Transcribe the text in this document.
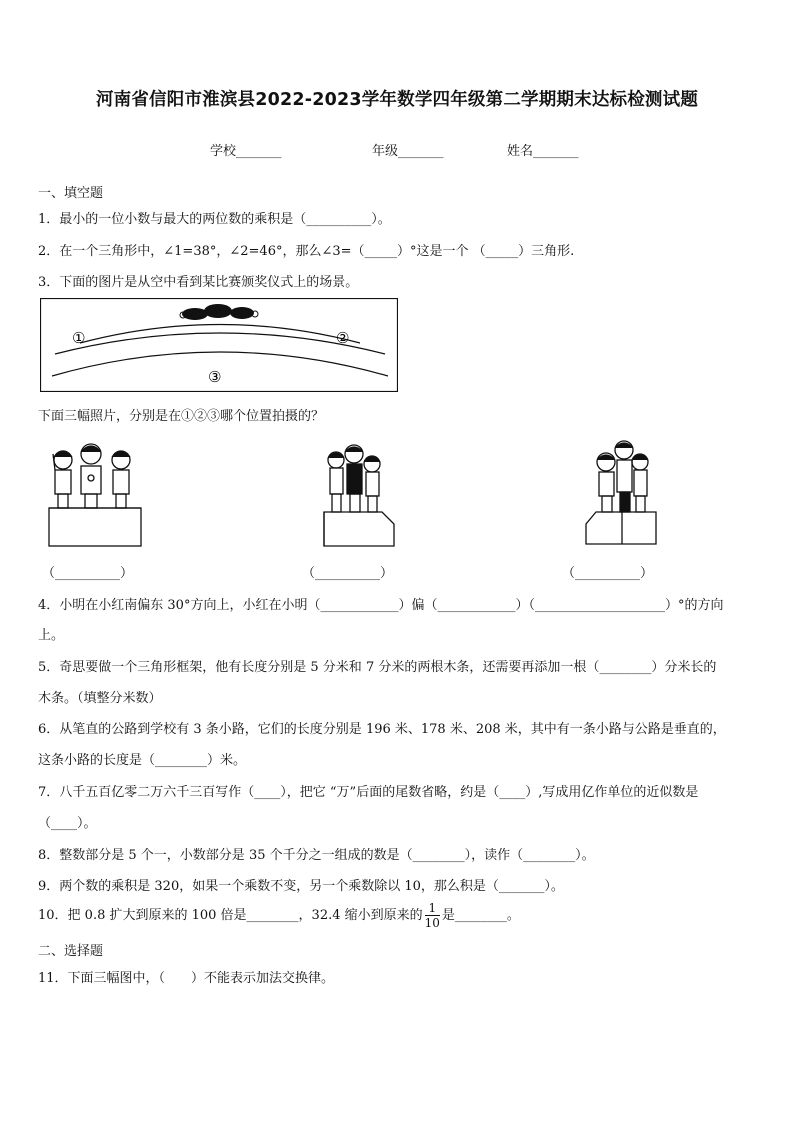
河南省信阳市淮滨县2022-2023学年数学四年级第二学期期末达标检测试题
学校_______	年级_______	姓名_______
一、填空题
1．最小的一位小数与最大的两位数的乘积是（__________）。
2．在一个三角形中，∠1=38°，∠2=46°，那么∠3=（_____）°这是一个 （_____）三角形.
3．下面的图片是从空中看到某比赛颁奖仪式上的场景。
①	②
③
下面三幅照片，分别是在①②③哪个位置拍摄的？
（__________）	（__________）	（__________）
4．小明在小红南偏东 30°方向上，小红在小明（____________）偏（____________）（____________________）°的方向
上。
5．奇思要做一个三角形框架，他有长度分别是 5 分米和 7 分米的两根木条，还需要再添加一根（________）分米长的
木条。（填整分米数）
6．从笔直的公路到学校有 3 条小路，它们的长度分别是 196 米、178 米、208 米，其中有一条小路与公路是垂直的，
这条小路的长度是（________）米。
7．八千五百亿零二万六千三百写作（____），把它 “万”后面的尾数省略，约是（____）,写成用亿作单位的近似数是
（____）。
8．整数部分是 5 个一，小数部分是 35 个千分之一组成的数是（________），读作（________）。
9．两个数的乘积是 320，如果一个乘数不变，另一个乘数除以 10，那么积是（_______）。
10．把 0.8 扩大到原来的 100 倍是________，32.4 缩小到原来的 $\frac{1}{10}$ 是________。
二、选择题
11．下面三幅图中，（　　）不能表示加法交换律。
